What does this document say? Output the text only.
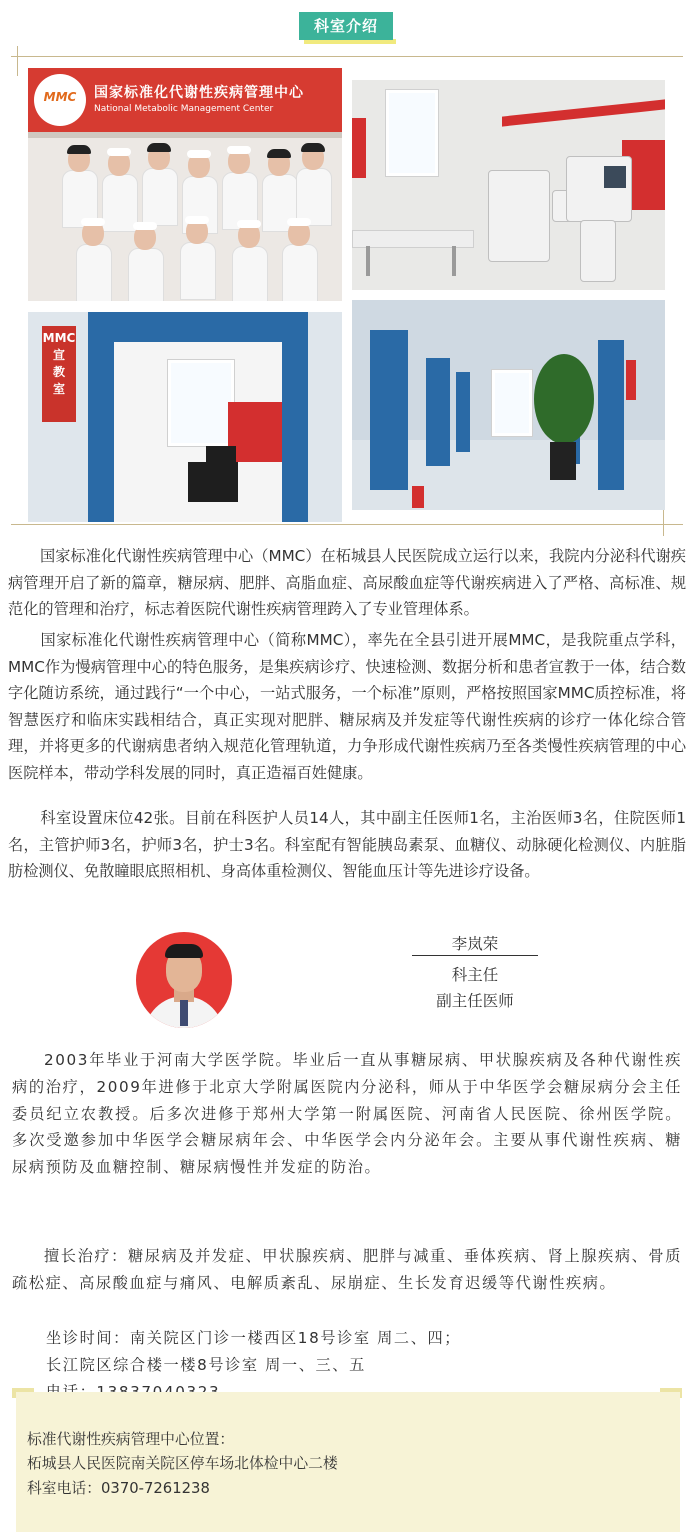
科室介绍
MMC	国家标准化代谢性疾病管理中心
National Metabolic Management Center
MMC
宣
教
室
国家标准化代谢性疾病管理中心（MMC）在柘城县人民医院成立运行以来，我院内分泌科代谢疾病管理开启了新的篇章，糖尿病、肥胖、高脂血症、高尿酸血症等代谢疾病进入了严格、高标准、规范化的管理和治疗，标志着医院代谢性疾病管理跨入了专业管理体系。
国家标准化代谢性疾病管理中心（简称MMC），率先在全县引进开展MMC，是我院重点学科，MMC作为慢病管理中心的特色服务，是集疾病诊疗、快速检测、数据分析和患者宣教于一体，结合数字化随访系统，通过践行“一个中心，一站式服务，一个标准”原则，严格按照国家MMC质控标准，将智慧医疗和临床实践相结合，真正实现对肥胖、糖尿病及并发症等代谢性疾病的诊疗一体化综合管理，并将更多的代谢病患者纳入规范化管理轨道，力争形成代谢性疾病乃至各类慢性疾病管理的中心医院样本，带动学科发展的同时，真正造福百姓健康。
科室设置床位42张。目前在科医护人员14人，其中副主任医师1名，主治医师3名，住院医师1名，主管护师3名，护师3名，护士3名。科室配有智能胰岛素泵、血糖仪、动脉硬化检测仪、内脏脂肪检测仪、免散瞳眼底照相机、身高体重检测仪、智能血压计等先进诊疗设备。
李岚荣
科主任
副主任医师
2003年毕业于河南大学医学院。毕业后一直从事糖尿病、甲状腺疾病及各种代谢性疾病的治疗，2009年进修于北京大学附属医院内分泌科，师从于中华医学会糖尿病分会主任委员纪立农教授。后多次进修于郑州大学第一附属医院、河南省人民医院、徐州医学院。多次受邀参加中华医学会糖尿病年会、中华医学会内分泌年会。主要从事代谢性疾病、糖尿病预防及血糖控制、糖尿病慢性并发症的防治。
擅长治疗：糖尿病及并发症、甲状腺疾病、肥胖与减重、垂体疾病、肾上腺疾病、骨质疏松症、高尿酸血症与痛风、电解质紊乱、尿崩症、生长发育迟缓等代谢性疾病。
坐诊时间：南关院区门诊一楼西区18号诊室 周二、四；
长江院区综合楼一楼8号诊室 周一、三、五
标准代谢性疾病管理中心位置：
柘城县人民医院南关院区停车场北体检中心二楼
科室电话：0370-7261238
